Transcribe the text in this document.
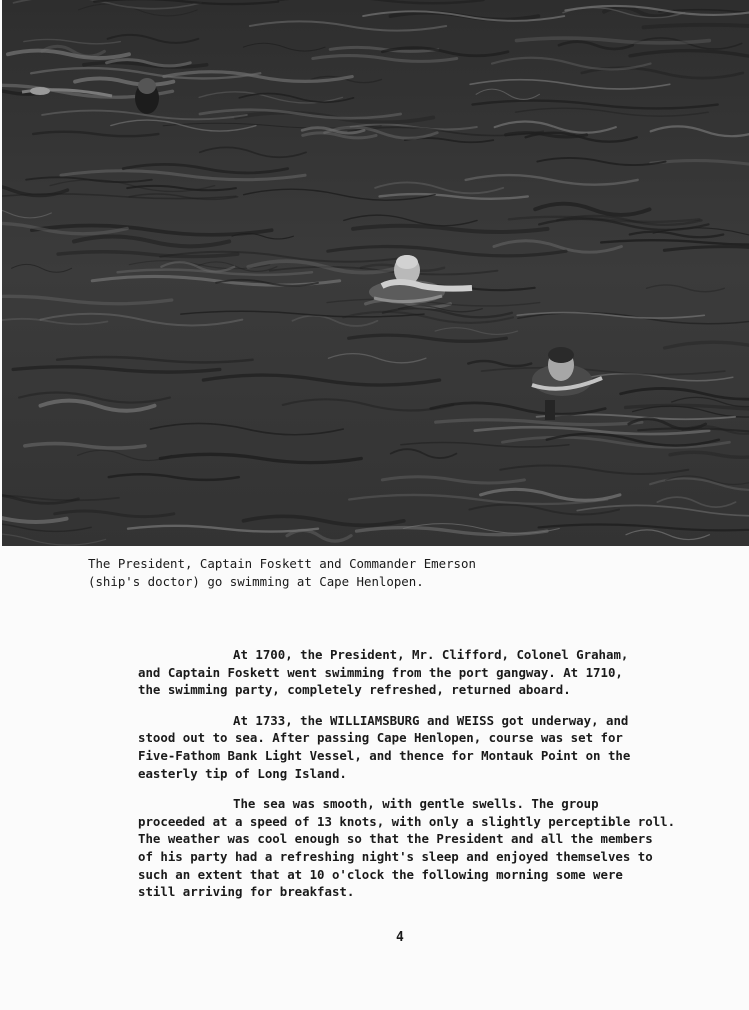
The President, Captain Foskett and Commander Emerson
(ship's doctor) go swimming at Cape Henlopen.

At 1700, the President, Mr. Clifford, Colonel Graham,
and Captain Foskett went swimming from the port gangway. At 1710,
the swimming party, completely refreshed, returned aboard.

At 1733, the WILLIAMSBURG and WEISS got underway, and
stood out to sea. After passing Cape Henlopen, course was set for
Five-Fathom Bank Light Vessel, and thence for Montauk Point on the
easterly tip of Long Island.

The sea was smooth, with gentle swells. The group
proceeded at a speed of 13 knots, with only a slightly perceptible roll.
The weather was cool enough so that the President and all the members
of his party had a refreshing night's sleep and enjoyed themselves to
such an extent that at 10 o'clock the following morning some were
still arriving for breakfast.

4
